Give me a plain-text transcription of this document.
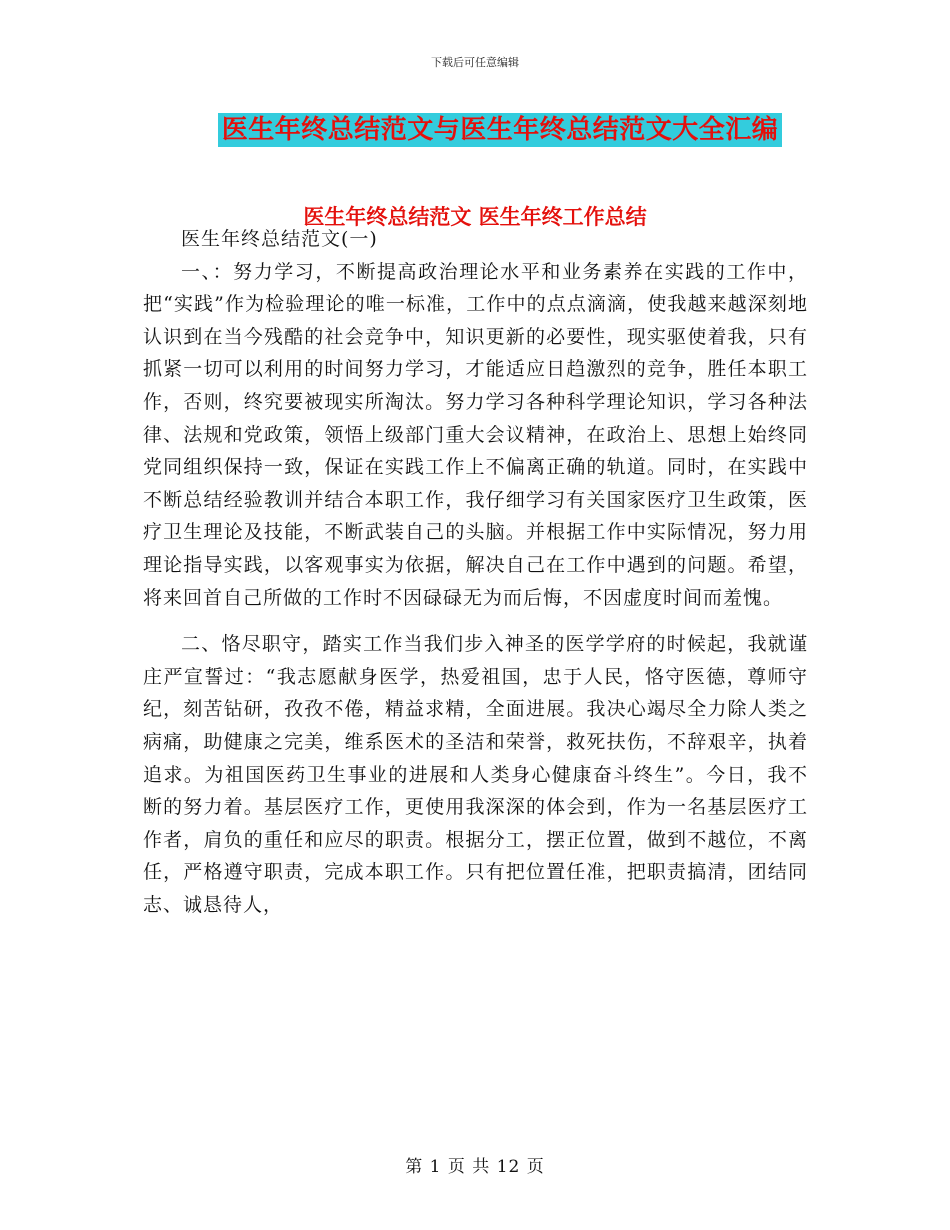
下载后可任意编辑
医生年终总结范文与医生年终总结范文大全汇编
医生年终总结范文 医生年终工作总结

医生年终总结范文(一)

一、：努力学习，不断提高政治理论水平和业务素养在实践的工作中，把“实践”作为检验理论的唯一标准，工作中的点点滴滴，使我越来越深刻地认识到在当今残酷的社会竞争中，知识更新的必要性，现实驱使着我，只有抓紧一切可以利用的时间努力学习，才能适应日趋激烈的竞争，胜任本职工作，否则，终究要被现实所淘汰。努力学习各种科学理论知识，学习各种法律、法规和党政策，领悟上级部门重大会议精神，在政治上、思想上始终同党同组织保持一致，保证在实践工作上不偏离正确的轨道。同时，在实践中不断总结经验教训并结合本职工作，我仔细学习有关国家医疗卫生政策，医疗卫生理论及技能，不断武装自己的头脑。并根据工作中实际情况，努力用理论指导实践，以客观事实为依据，解决自己在工作中遇到的问题。希望，将来回首自己所做的工作时不因碌碌无为而后悔，不因虚度时间而羞愧。

二、恪尽职守，踏实工作当我们步入神圣的医学学府的时候起，我就谨庄严宣誓过：“我志愿献身医学，热爱祖国，忠于人民，恪守医德，尊师守纪，刻苦钻研，孜孜不倦，精益求精，全面进展。我决心竭尽全力除人类之病痛，助健康之完美，维系医术的圣洁和荣誉，救死扶伤，不辞艰辛，执着追求。为祖国医药卫生事业的进展和人类身心健康奋斗终生”。今日，我不断的努力着。基层医疗工作，更使用我深深的体会到，作为一名基层医疗工作者，肩负的重任和应尽的职责。根据分工，摆正位置，做到不越位，不离任，严格遵守职责，完成本职工作。只有把位置任准，把职责搞清，团结同志、诚恳待人，

第 1 页 共 12 页
